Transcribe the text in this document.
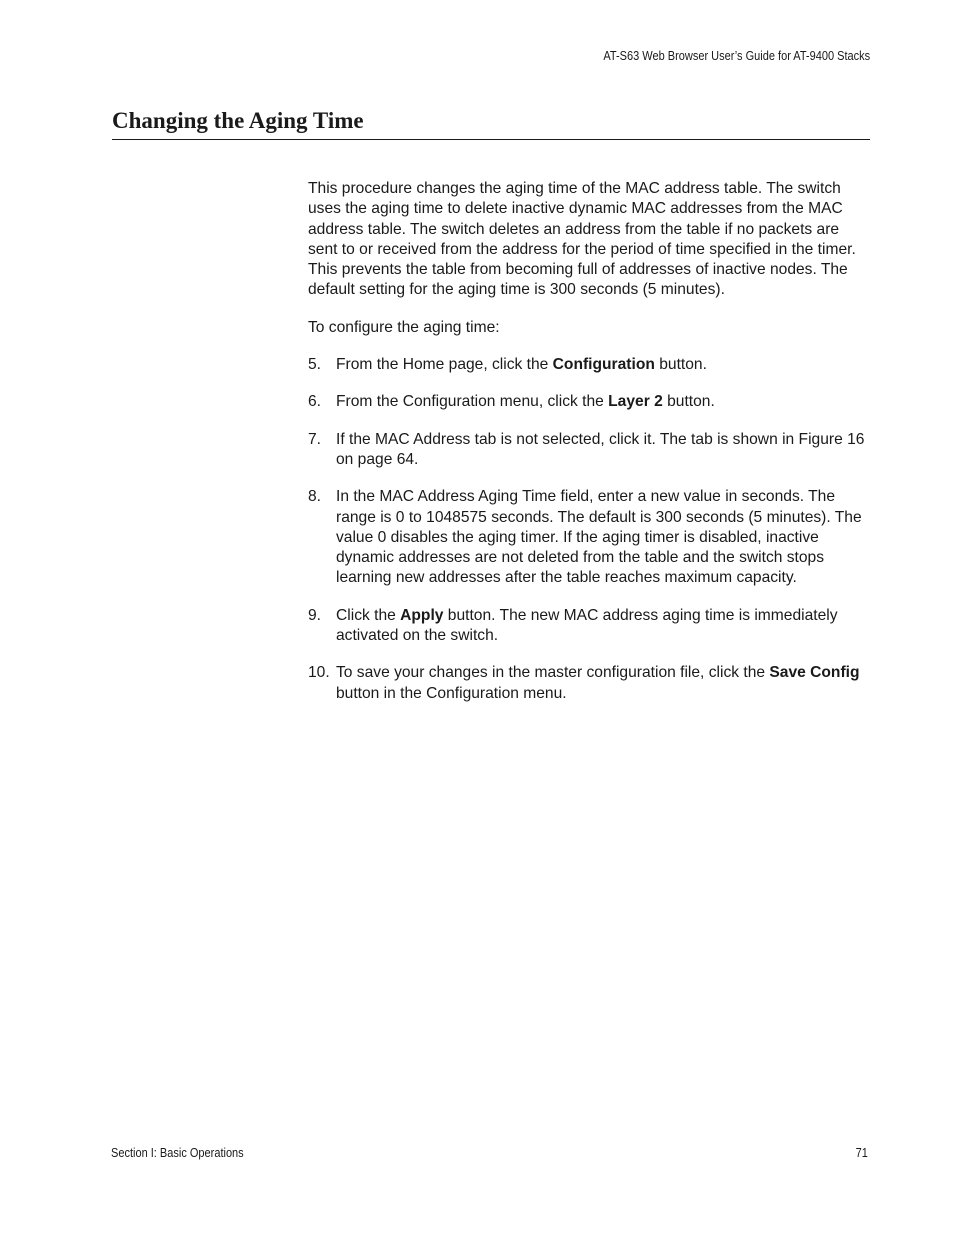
AT-S63 Web Browser User’s Guide for AT-9400 Stacks
Changing the Aging Time

This procedure changes the aging time of the MAC address table. The switch uses the aging time to delete inactive dynamic MAC addresses from the MAC address table. The switch deletes an address from the table if no packets are sent to or received from the address for the period of time specified in the timer. This prevents the table from becoming full of addresses of inactive nodes. The default setting for the aging time is 300 seconds (5 minutes).

To configure the aging time:

5. From the Home page, click the Configuration button.
6. From the Configuration menu, click the Layer 2 button.
7. If the MAC Address tab is not selected, click it. The tab is shown in Figure 16 on page 64.
8. In the MAC Address Aging Time field, enter a new value in seconds. The range is 0 to 1048575 seconds. The default is 300 seconds (5 minutes). The value 0 disables the aging timer. If the aging timer is disabled, inactive dynamic addresses are not deleted from the table and the switch stops learning new addresses after the table reaches maximum capacity.
9. Click the Apply button. The new MAC address aging time is immediately activated on the switch.
10. To save your changes in the master configuration file, click the Save Config button in the Configuration menu.
Section I: Basic Operations	71
